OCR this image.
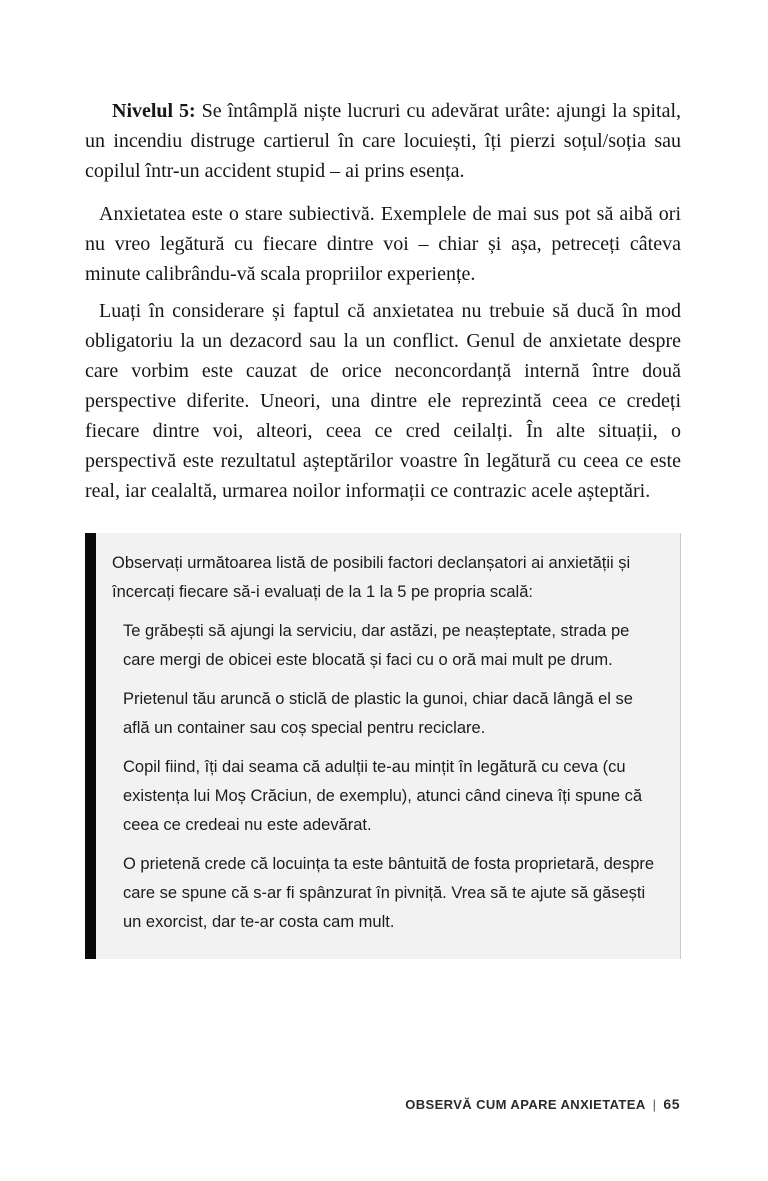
Nivelul 5: Se întâmplă niște lucruri cu adevărat urâte: ajungi la spital, un incendiu distruge cartierul în care locuiești, îți pierzi soțul/soția sau copilul într-un accident stupid – ai prins esența.

Anxietatea este o stare subiectivă. Exemplele de mai sus pot să aibă ori nu vreo legătură cu fiecare dintre voi – chiar și așa, petreceți câteva minute calibrându-vă scala propriilor experiențe.

Luați în considerare și faptul că anxietatea nu trebuie să ducă în mod obligatoriu la un dezacord sau la un conflict. Genul de anxietate despre care vorbim este cauzat de orice neconcordanță internă între două perspective diferite. Uneori, una dintre ele reprezintă ceea ce credeți fiecare dintre voi, alteori, ceea ce cred ceilalți. În alte situații, o perspectivă este rezultatul așteptărilor voastre în legătură cu ceea ce este real, iar cealaltă, urmarea noilor informații ce contrazic acele așteptări.

Observați următoarea listă de posibili factori declanșatori ai anxietății și încercați fiecare să-i evaluați de la 1 la 5 pe propria scală:

Te grăbești să ajungi la serviciu, dar astăzi, pe neașteptate, strada pe care mergi de obicei este blocată și faci cu o oră mai mult pe drum.

Prietenul tău aruncă o sticlă de plastic la gunoi, chiar dacă lângă el se află un container sau coș special pentru reciclare.

Copil fiind, îți dai seama că adulții te-au mințit în legătură cu ceva (cu existența lui Moș Crăciun, de exemplu), atunci când cineva îți spune că ceea ce credeai nu este adevărat.

O prietenă crede că locuința ta este bântuită de fosta proprietară, despre care se spune că s-ar fi spânzurat în pivniță. Vrea să te ajute să găsești un exorcist, dar te-ar costa cam mult.

OBSERVĂ CUM APARE ANXIETATEA | 65
